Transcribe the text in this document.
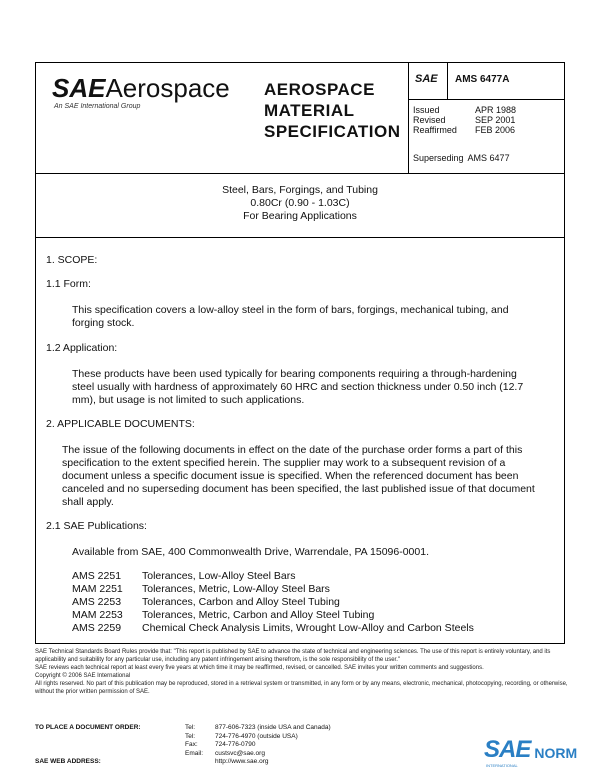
SAEAerospace
An SAE International Group
AEROSPACE
MATERIAL
SPECIFICATION
SAE AMS 6477A
Issued	APR 1988
Revised	SEP 2001
Reaffirmed	FEB 2006
Superseding AMS 6477
Steel, Bars, Forgings, and Tubing
0.80Cr (0.90 - 1.03C)
For Bearing Applications
1. SCOPE:
1.1 Form:
This specification covers a low-alloy steel in the form of bars, forgings, mechanical tubing, and forging stock.
1.2 Application:
These products have been used typically for bearing components requiring a through-hardening steel usually with hardness of approximately 60 HRC and section thickness under 0.50 inch (12.7 mm), but usage is not limited to such applications.
2. APPLICABLE DOCUMENTS:
The issue of the following documents in effect on the date of the purchase order forms a part of this specification to the extent specified herein. The supplier may work to a subsequent revision of a document unless a specific document issue is specified. When the referenced document has been canceled and no superseding document has been specified, the last published issue of that document shall apply.
2.1 SAE Publications:
Available from SAE, 400 Commonwealth Drive, Warrendale, PA 15096-0001.
AMS 2251	Tolerances, Low-Alloy Steel Bars
MAM 2251	Tolerances, Metric, Low-Alloy Steel Bars
AMS 2253	Tolerances, Carbon and Alloy Steel Tubing
MAM 2253	Tolerances, Metric, Carbon and Alloy Steel Tubing
AMS 2259	Chemical Check Analysis Limits, Wrought Low-Alloy and Carbon Steels

SAE Technical Standards Board Rules provide that: "This report is published by SAE to advance the state of technical and engineering sciences. The use of this report is entirely voluntary, and its applicability and suitability for any particular use, including any patent infringement arising therefrom, is the sole responsibility of the user."

SAE reviews each technical report at least every five years at which time it may be reaffirmed, revised, or cancelled. SAE invites your written comments and suggestions.

Copyright © 2006 SAE International

All rights reserved. No part of this publication may be reproduced, stored in a retrieval system or transmitted, in any form or by any means, electronic, mechanical, photocopying, recording, or otherwise, without the prior written permission of SAE.

TO PLACE A DOCUMENT ORDER:	Tel:	877-606-7323 (inside USA and Canada)
Tel:	724-776-4970 (outside USA)
Fax:	724-776-0790
Email:	custsvc@sae.org
SAE WEB ADDRESS:	http://www.sae.org	SAE NORM
INTERNATIONAL
